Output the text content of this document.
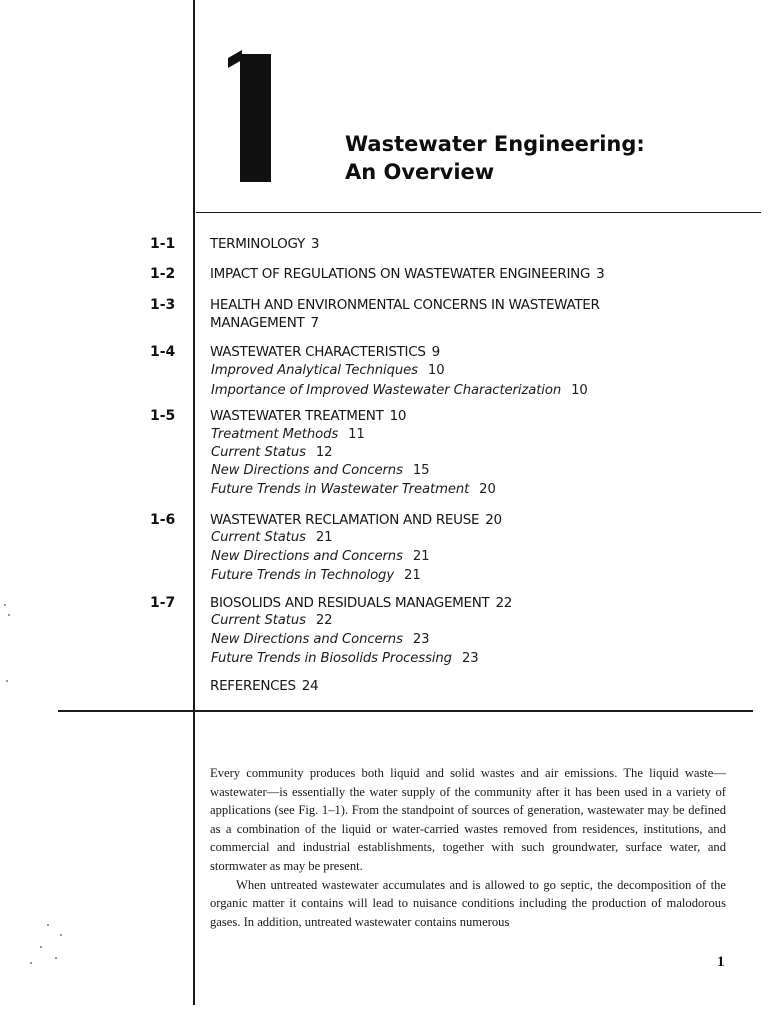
Wastewater Engineering:
An Overview
1-1	TERMINOLOGY 3
1-2	IMPACT OF REGULATIONS ON WASTEWATER ENGINEERING 3
1-3	HEALTH AND ENVIRONMENTAL CONCERNS IN WASTEWATER
MANAGEMENT 7
1-4	WASTEWATER CHARACTERISTICS 9
Improved Analytical Techniques 10
Importance of Improved Wastewater Characterization 10
1-5	WASTEWATER TREATMENT 10
Treatment Methods 11
Current Status 12
New Directions and Concerns 15
Future Trends in Wastewater Treatment 20
1-6	WASTEWATER RECLAMATION AND REUSE 20
Current Status 21
New Directions and Concerns 21
Future Trends in Technology 21
1-7	BIOSOLIDS AND RESIDUALS MANAGEMENT 22
Current Status 22
New Directions and Concerns 23
Future Trends in Biosolids Processing 23
REFERENCES 24

Every community produces both liquid and solid wastes and air emissions. The liquid waste—wastewater—is essentially the water supply of the community after it has been used in a variety of applications (see Fig. 1–1). From the standpoint of sources of generation, wastewater may be defined as a combination of the liquid or water-carried wastes removed from residences, institutions, and commercial and industrial establishments, together with such groundwater, surface water, and stormwater as may be present.

When untreated wastewater accumulates and is allowed to go septic, the decomposition of the organic matter it contains will lead to nuisance conditions including the production of malodorous gases. In addition, untreated wastewater contains numerous

1
